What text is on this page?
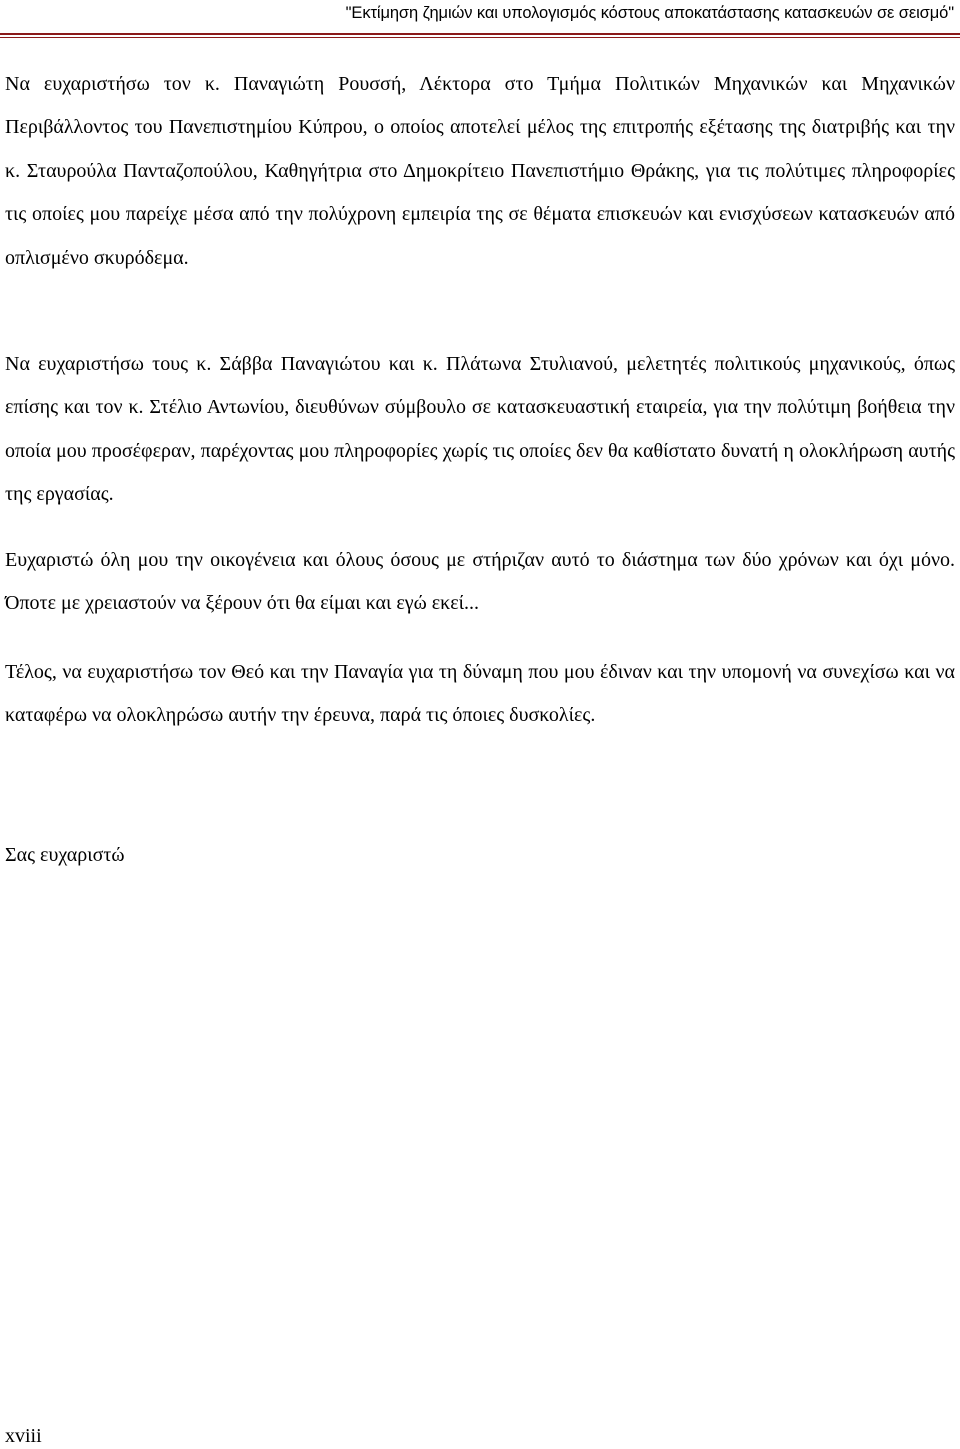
"Εκτίμηση ζημιών και υπολογισμός κόστους αποκατάστασης κατασκευών σε σεισμό"

Να ευχαριστήσω τον κ. Παναγιώτη Ρουσσή, Λέκτορα στο Τμήμα Πολιτικών Μηχανικών και Μηχανικών Περιβάλλοντος του Πανεπιστημίου Κύπρου, ο οποίος αποτελεί μέλος της επιτροπής εξέτασης της διατριβής και την κ. Σταυρούλα Πανταζοπούλου, Καθηγήτρια στο Δημοκρίτειο Πανεπιστήμιο Θράκης, για τις πολύτιμες πληροφορίες τις οποίες μου παρείχε μέσα από την πολύχρονη εμπειρία της σε θέματα επισκευών και ενισχύσεων κατασκευών από οπλισμένο σκυρόδεμα.

Να ευχαριστήσω τους κ. Σάββα Παναγιώτου και κ. Πλάτωνα Στυλιανού, μελετητές πολιτικούς μηχανικούς, όπως επίσης και τον κ. Στέλιο Αντωνίου, διευθύνων σύμβουλο σε κατασκευαστική εταιρεία, για την πολύτιμη βοήθεια την οποία μου προσέφεραν, παρέχοντας μου πληροφορίες χωρίς τις οποίες δεν θα καθίστατο δυνατή η ολοκλήρωση αυτής της εργασίας.

Ευχαριστώ όλη μου την οικογένεια και όλους όσους με στήριζαν αυτό το διάστημα των δύο χρόνων και όχι μόνο. Όποτε με χρειαστούν να ξέρουν ότι θα είμαι και εγώ εκεί...

Τέλος, να ευχαριστήσω τον Θεό και την Παναγία για τη δύναμη που μου έδιναν και την υπομονή να συνεχίσω και να καταφέρω να ολοκληρώσω αυτήν την έρευνα, παρά τις όποιες δυσκολίες.

Σας ευχαριστώ

xviii
